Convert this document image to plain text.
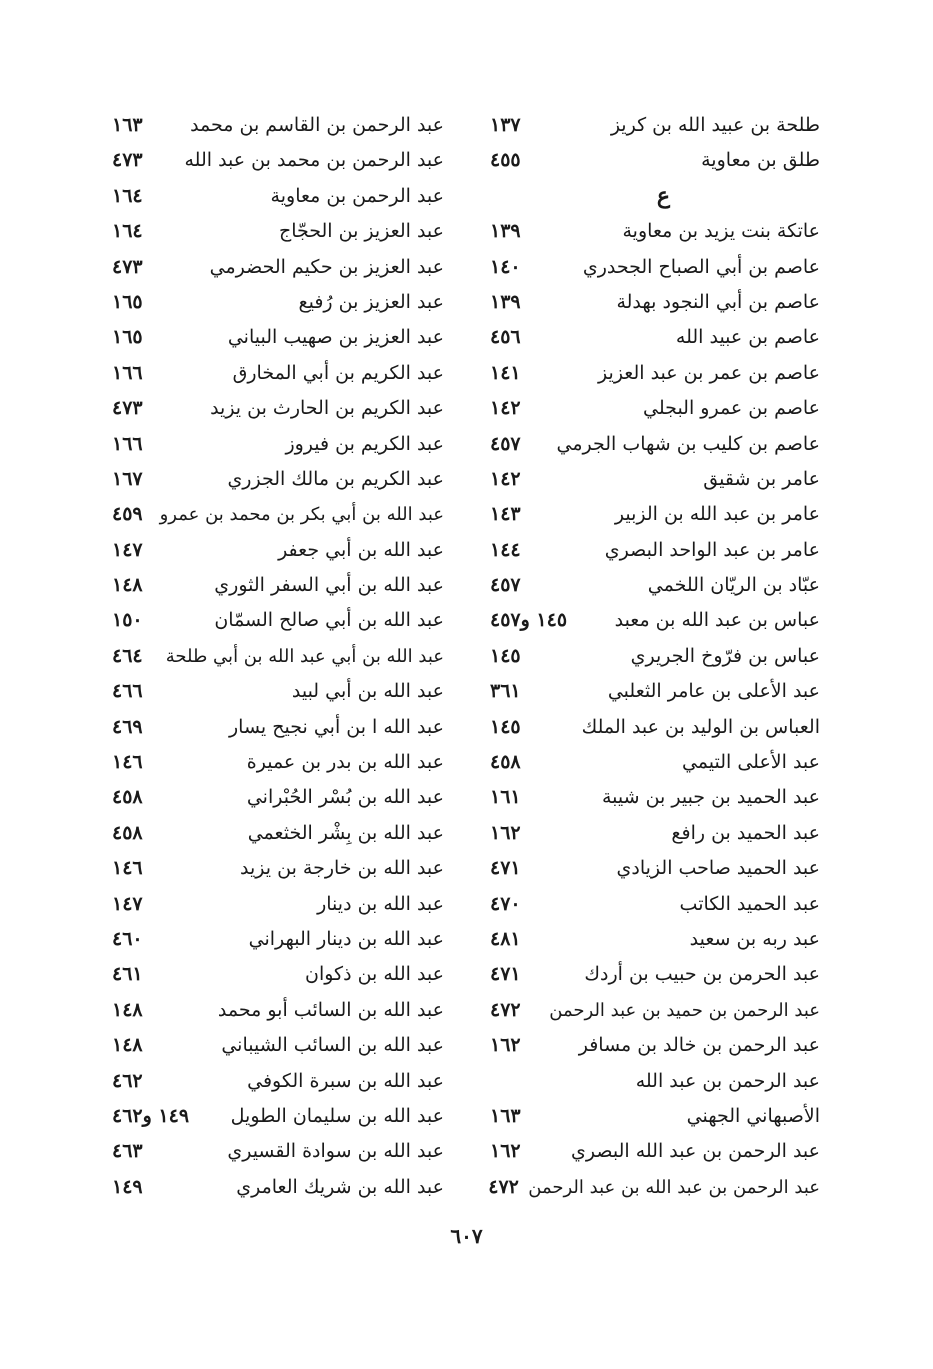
طلحة بن عبيد الله بن كريز
١٣٧
طلق بن معاوية
٤٥٥
ع
عاتكة بنت يزيد بن معاوية
١٣٩
عاصم بن أبي الصباح الجحدري
١٤٠
عاصم بن أبي النجود بهدلة
١٣٩
عاصم بن عبيد الله
٤٥٦
عاصم بن عمر بن عبد العزيز
١٤١
عاصم بن عمرو البجلي
١٤٢
عاصم بن كليب بن شهاب الجرمي
٤٥٧
عامر بن شقيق
١٤٢
عامر بن عبد الله بن الزبير
١٤٣
عامر بن عبد الواحد البصري
١٤٤
عبّاد بن الريّان اللخمي
٤٥٧
عباس بن عبد الله بن معبد
١٤٥ و٤٥٧
عباس بن فرّوخ الجريري
١٤٥
عبد الأعلى بن عامر الثعلبي
٣٦١
العباس بن الوليد بن عبد الملك
١٤٥
عبد الأعلى التيمي
٤٥٨
عبد الحميد بن جبير بن شيبة
١٦١
عبد الحميد بن رافع
١٦٢
عبد الحميد صاحب الزيادي
٤٧١
عبد الحميد الكاتب
٤٧٠
عبد ربه بن سعيد
٤٨١
عبد الحرمن بن حبيب بن أردك
٤٧١
عبد الرحمن بن حميد بن عبد الرحمن
٤٧٢
عبد الرحمن بن خالد بن مسافر
١٦٢
عبد الرحمن بن عبد الله
الأصبهاني الجهني
١٦٣
عبد الرحمن بن عبد الله البصري
١٦٢
عبد الرحمن بن عبد الله بن عبد الرحمن
٤٧٢
عبد الرحمن بن القاسم بن محمد
١٦٣
عبد الرحمن بن محمد بن عبد الله
٤٧٣
عبد الرحمن بن معاوية
١٦٤
عبد العزيز بن الحجّاج
١٦٤
عبد العزيز بن حكيم الحضرمي
٤٧٣
عبد العزيز بن رُفيع
١٦٥
عبد العزيز بن صهيب البياني
١٦٥
عبد الكريم بن أبي المخارق
١٦٦
عبد الكريم بن الحارث بن يزيد
٤٧٣
عبد الكريم بن فيروز
١٦٦
عبد الكريم بن مالك الجزري
١٦٧
عبد الله بن أبي بكر بن محمد بن عمرو
٤٥٩
عبد الله بن أبي جعفر
١٤٧
عبد الله بن أبي السفر الثوري
١٤٨
عبد الله بن أبي صالح السمّان
١٥٠
عبد الله بن أبي عبد الله بن أبي طلحة
٤٦٤
عبد الله بن أبي لبيد
٤٦٦
عبد الله ا بن أبي نجيح يسار
٤٦٩
عبد الله بن بدر بن عميرة
١٤٦
عبد الله بن بُسْر الحُبْراني
٤٥٨
عبد الله بن بِشْر الخثعمي
٤٥٨
عبد الله بن خارجة بن يزيد
١٤٦
عبد الله بن دينار
١٤٧
عبد الله بن دينار البهراني
٤٦٠
عبد الله بن ذكوان
٤٦١
عبد الله بن السائب أبو محمد
١٤٨
عبد الله بن السائب الشيباني
١٤٨
عبد الله بن سبرة الكوفي
٤٦٢
عبد الله بن سليمان الطويل
١٤٩ و٤٦٢
عبد الله بن سوادة القسيري
٤٦٣
عبد الله بن شريك العامري
١٤٩
٦٠٧
